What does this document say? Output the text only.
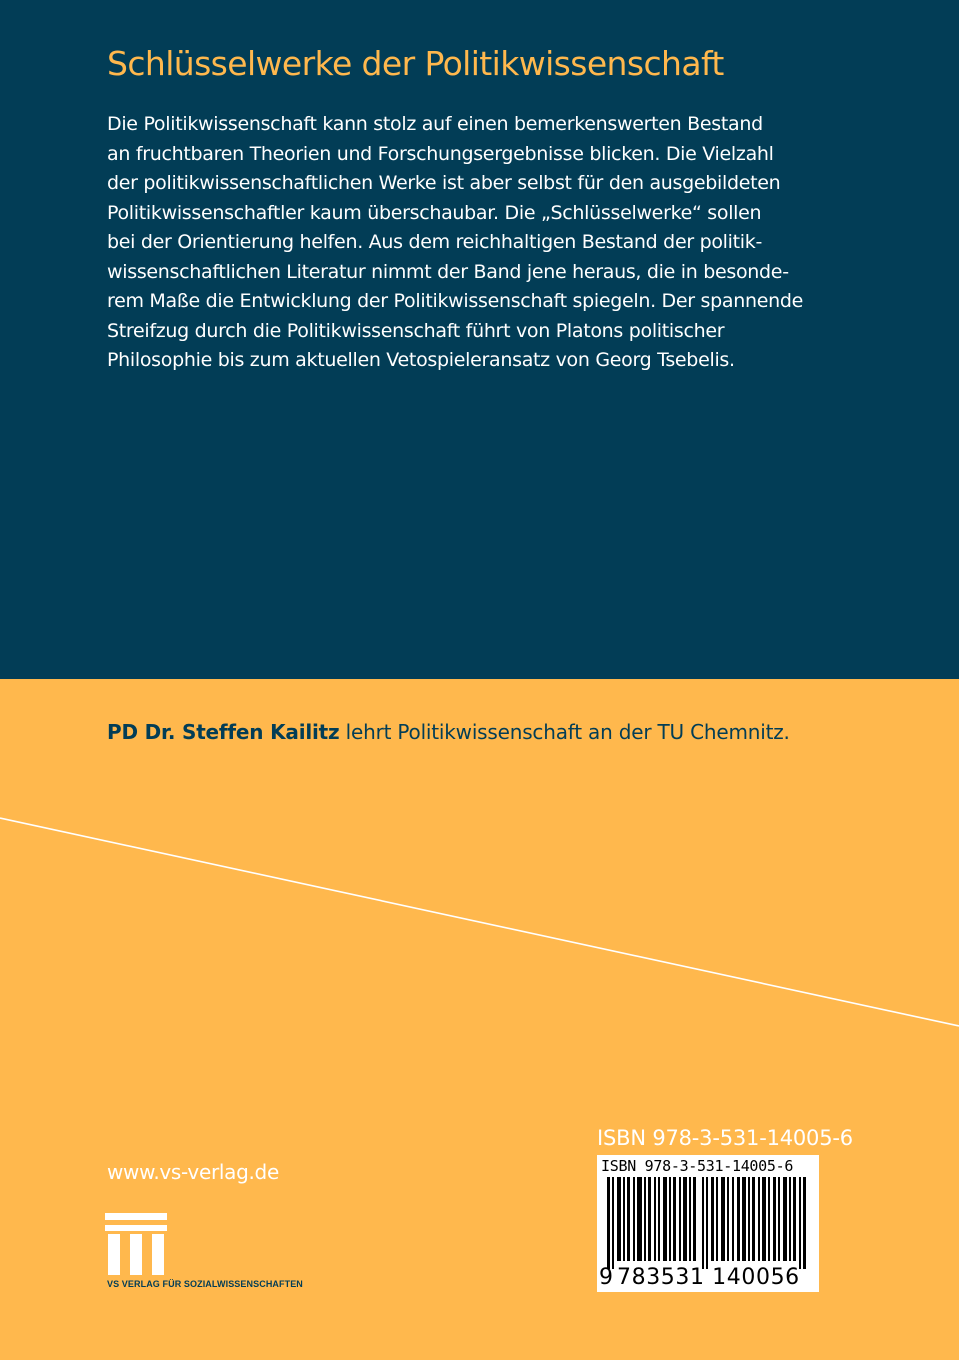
Schlüsselwerke der Politikwissenschaft
Die Politikwissenschaft kann stolz auf einen bemerkenswerten Bestand
an fruchtbaren Theorien und Forschungsergebnisse blicken. Die Vielzahl
der politikwissenschaftlichen Werke ist aber selbst für den ausgebildeten
Politikwissenschaftler kaum überschaubar. Die „Schlüsselwerke“ sollen
bei der Orientierung helfen. Aus dem reichhaltigen Bestand der politik-
wissenschaftlichen Literatur nimmt der Band jene heraus, die in besonde-
rem Maße die Entwicklung der Politikwissenschaft spiegeln. Der spannende
Streifzug durch die Politikwissenschaft führt von Platons politischer
Philosophie bis zum aktuellen Vetospieleransatz von Georg Tsebelis.
PD Dr. Steffen Kailitz lehrt Politikwissenschaft an der TU Chemnitz.
www.vs-verlag.de
VS VERLAG FÜR SOZIALWISSENSCHAFTEN
ISBN 978-3-531-14005-6
ISBN 978-3-531-14005-6
9 783531 140056
